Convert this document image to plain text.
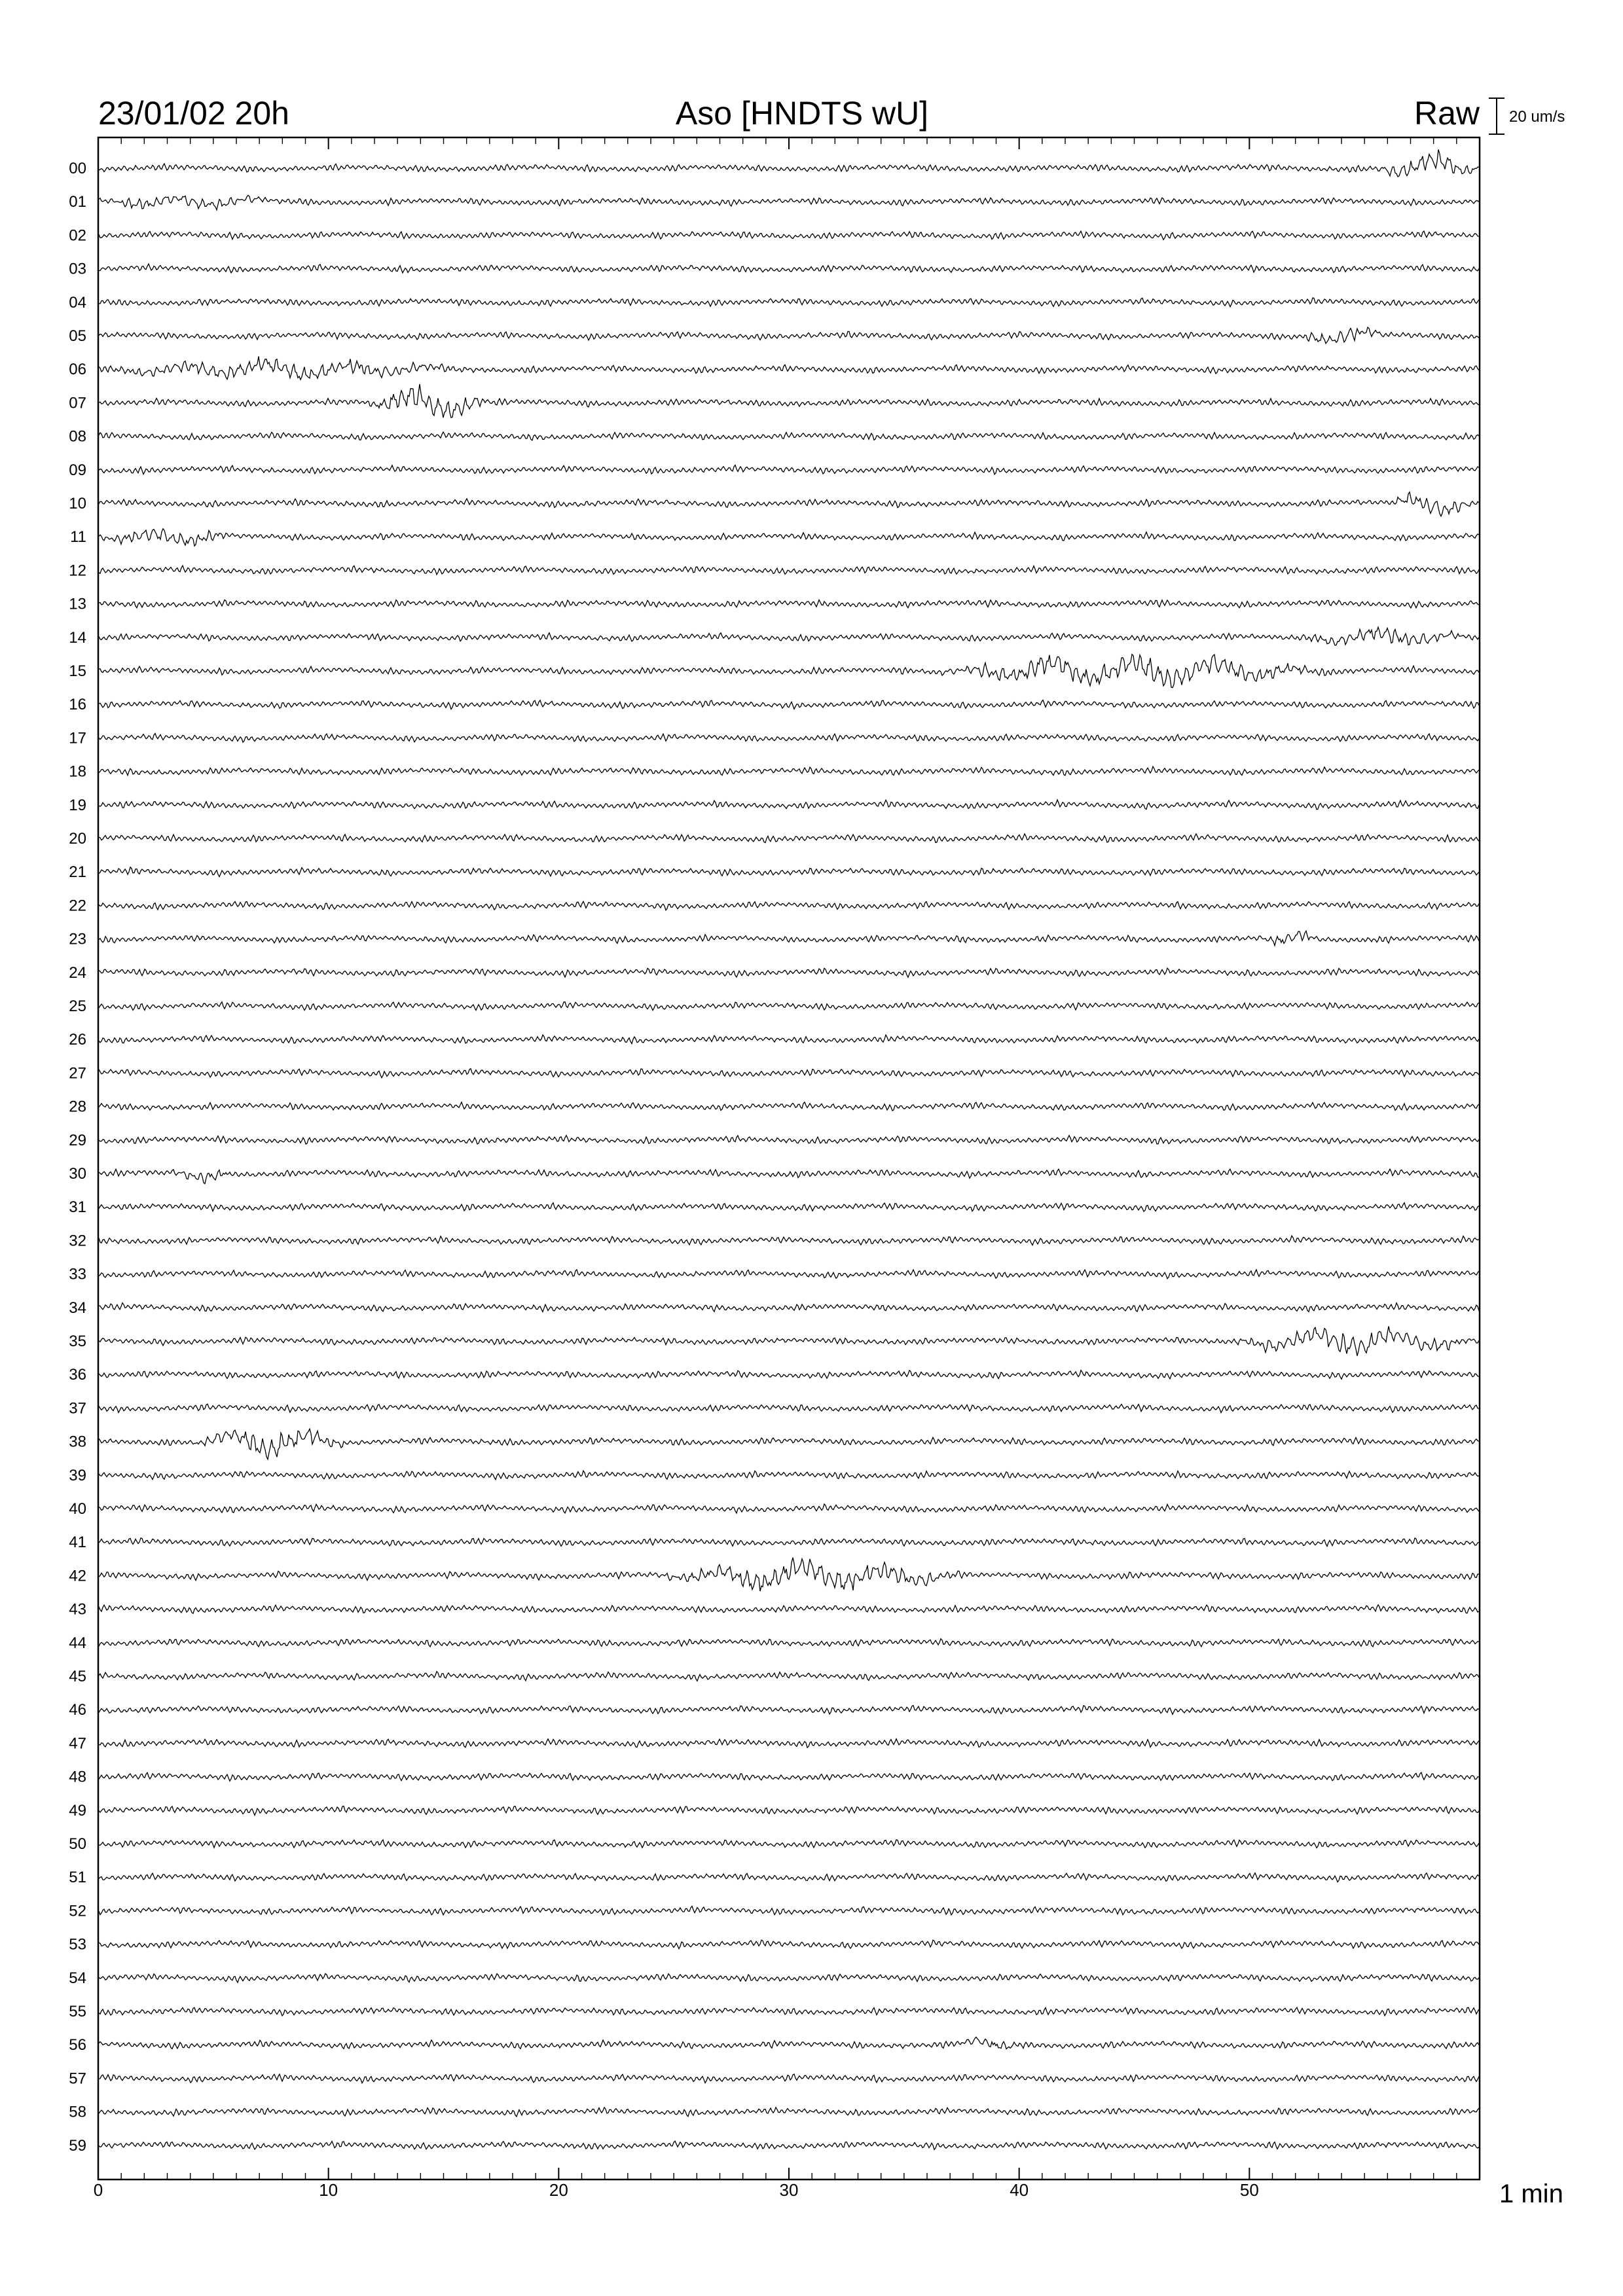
23/01/02 20h	Aso [HNDTS wU]	Raw 20 um/s
00
01
02
03
04
05
06
07
08
09
10
11
12
13
14
15
16
17
18
19
20
21
22
23
24
25
26
27
28
29
30
31
32
33
34
35
36
37
38
39
40
41
42
43
44
45
46
47
48
49
50
51
52
53
54
55
56
57
58
59
0	10	20	30	40	50	1 min
